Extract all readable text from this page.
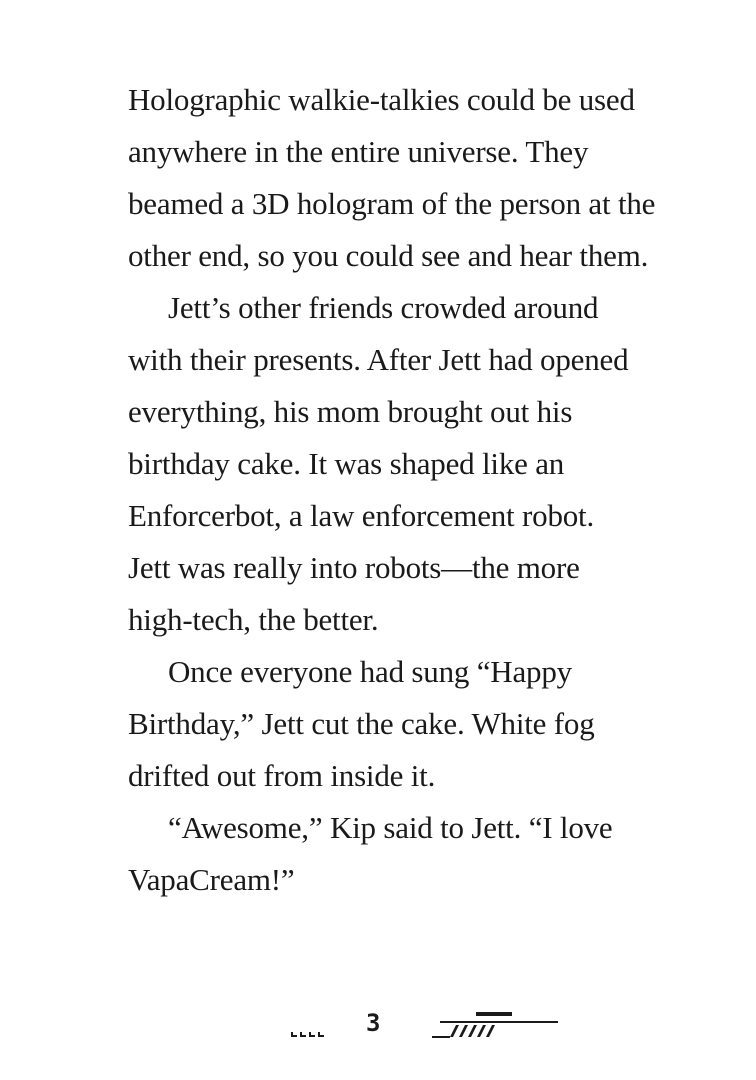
Holographic walkie-talkies could be used
anywhere in the entire universe. They
beamed a 3D hologram of the person at the
other end, so you could see and hear them.
Jett’s other friends crowded around
with their presents. After Jett had opened
everything, his mom brought out his
birthday cake. It was shaped like an
Enforcerbot, a law enforcement robot.
Jett was really into robots—the more
high-tech, the better.
Once everyone had sung “Happy
Birthday,” Jett cut the cake. White fog
drifted out from inside it.
“Awesome,” Kip said to Jett. “I love
VapaCream!”
3
